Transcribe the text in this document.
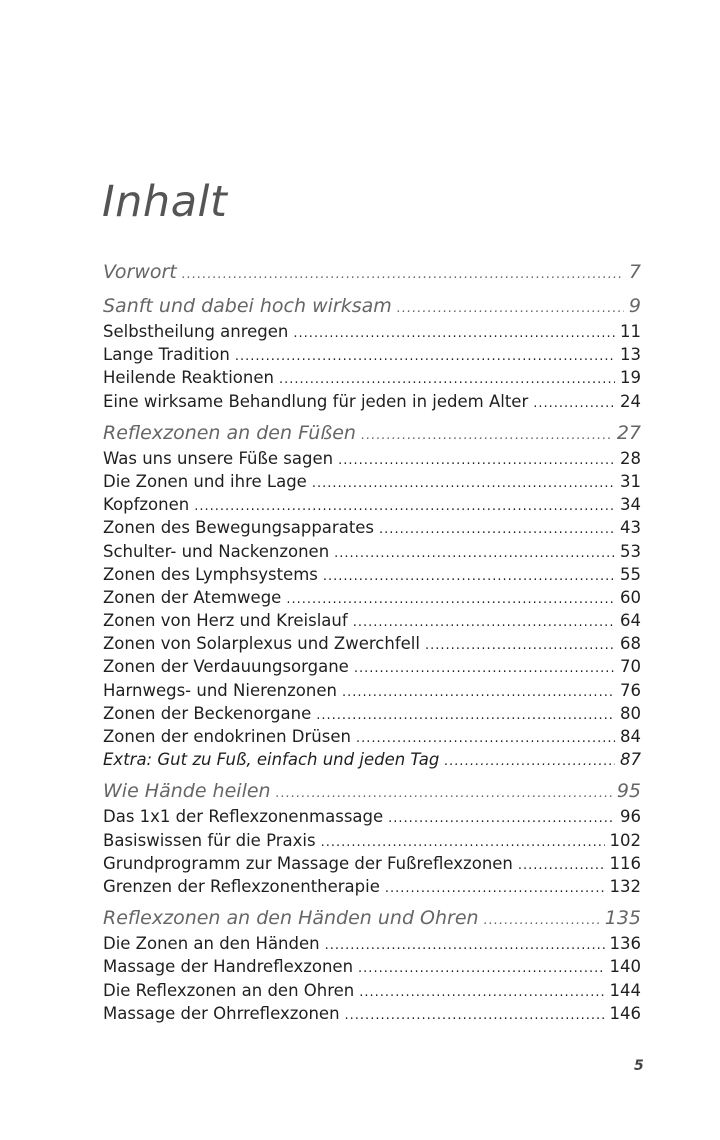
Inhalt
Vorwort .....	7
Sanft und dabei hoch wirksam .....	9
Selbstheilung anregen .....	11
Lange Tradition .....	13
Heilende Reaktionen .....	19
Eine wirksame Behandlung für jeden in jedem Alter .....	24
Reflexzonen an den Füßen .....	27
Was uns unsere Füße sagen .....	28
Die Zonen und ihre Lage .....	31
Kopfzonen .....	34
Zonen des Bewegungsapparates .....	43
Schulter- und Nackenzonen .....	53
Zonen des Lymphsystems .....	55
Zonen der Atemwege .....	60
Zonen von Herz und Kreislauf .....	64
Zonen von Solarplexus und Zwerchfell .....	68
Zonen der Verdauungsorgane .....	70
Harnwegs- und Nierenzonen .....	76
Zonen der Beckenorgane .....	80
Zonen der endokrinen Drüsen .....	84
Extra: Gut zu Fuß, einfach und jeden Tag .....	87
Wie Hände heilen .....	95
Das 1x1 der Reflexzonenmassage .....	96
Basiswissen für die Praxis .....	102
Grundprogramm zur Massage der Fußreflexzonen .....	116
Grenzen der Reflexzonentherapie .....	132
Reflexzonen an den Händen und Ohren .....	135
Die Zonen an den Händen .....	136
Massage der Handreflexzonen .....	140
Die Reflexzonen an den Ohren .....	144
Massage der Ohrreflexzonen .....	146
5
